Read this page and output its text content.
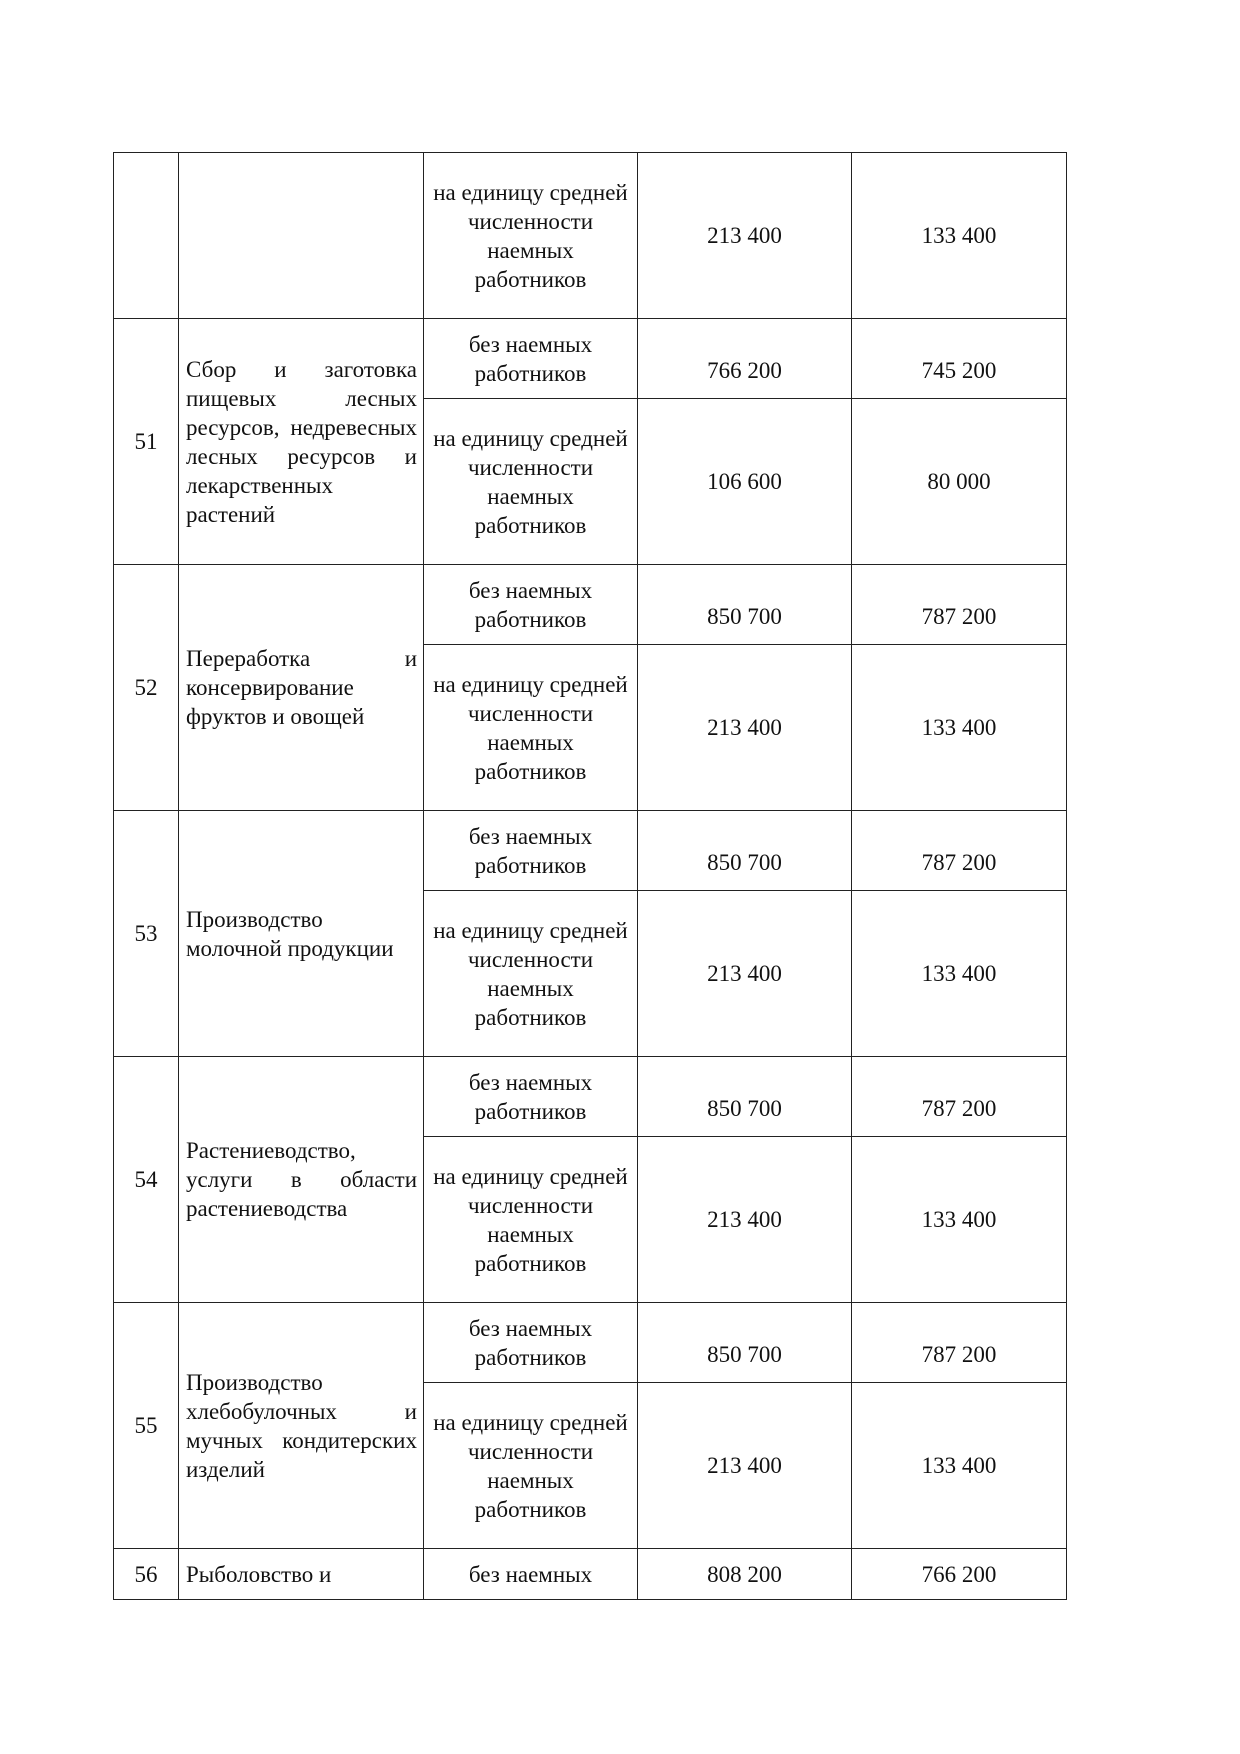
		на единицу средней численности наемных работников	213 400	133 400
51	Сбор и заготовка пищевых лесных ресурсов, недревесных лесных ресурсов и лекарственных растений	без наемных работников	766 200	745 200
		на единицу средней численности наемных работников	106 600	80 000
52	Переработка и консервирование фруктов и овощей	без наемных работников	850 700	787 200
		на единицу средней численности наемных работников	213 400	133 400
53	Производство молочной продукции	без наемных работников	850 700	787 200
		на единицу средней численности наемных работников	213 400	133 400
54	Растениеводство, услуги в области растениеводства	без наемных работников	850 700	787 200
		на единицу средней численности наемных работников	213 400	133 400
55	Производство хлебобулочных и мучных кондитерских изделий	без наемных работников	850 700	787 200
		на единицу средней численности наемных работников	213 400	133 400
56	Рыболовство и	без наемных	808 200	766 200
